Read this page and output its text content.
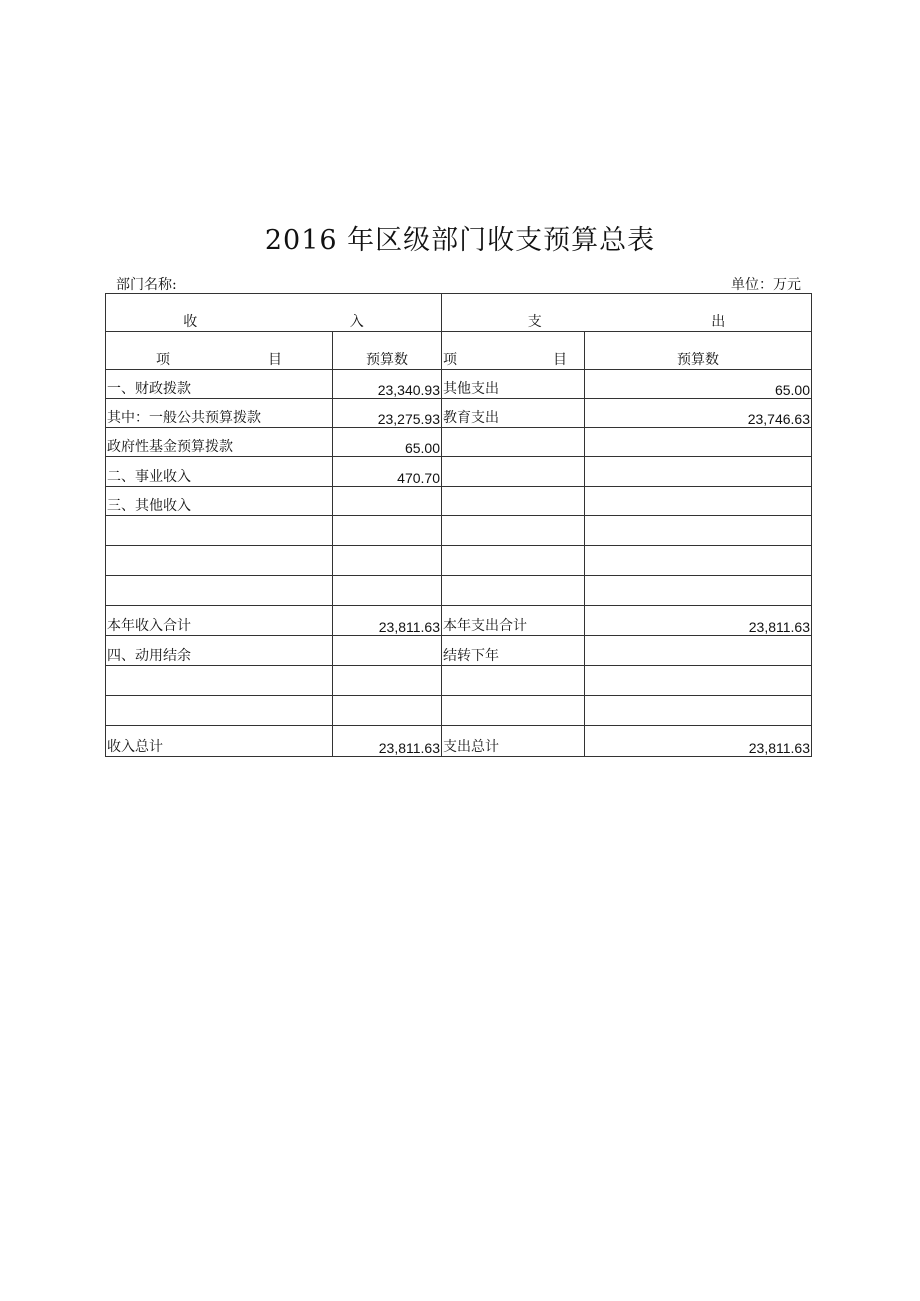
2016 年区级部门收支预算总表
部门名称:	单位：万元
收 入		支 出	

项 目	预算数	项 目	预算数
一、财政拨款	23,340.93	其他支出	65.00
其中：一般公共预算拨款	23,275.93	教育支出	23,746.63
政府性基金预算拨款	65.00		
二、事业收入	470.70		
三、其他收入			

本年收入合计	23,811.63	本年支出合计	23,811.63
四、动用结余		结转下年	

收入总计	23,811.63	支出总计	23,811.63
